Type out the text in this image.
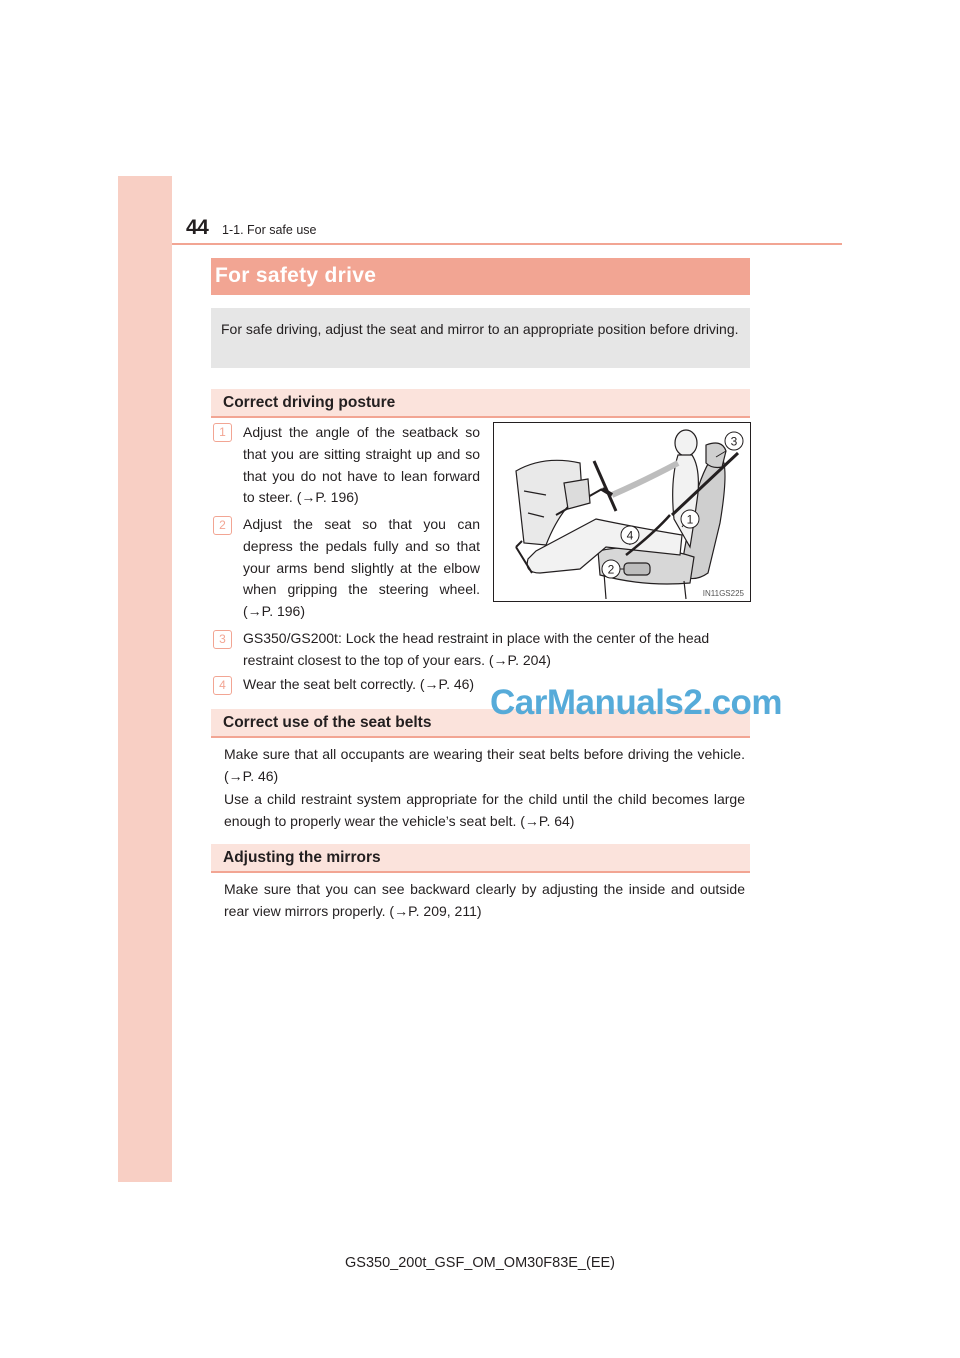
44 1-1. For safe use
For safety drive
For safe driving, adjust the seat and mirror to an appropriate position before driving.
Correct driving posture
1	Adjust the angle of the seatback so that you are sitting straight up and so that you do not have to lean forward to steer. (→P. 196)
2	Adjust the seat so that you can depress the pedals fully and so that your arms bend slightly at the elbow when gripping the steering wheel. (→P. 196)
3	GS350/GS200t: Lock the head restraint in place with the center of the head restraint closest to the top of your ears. (→P. 204)
4	Wear the seat belt correctly. (→P. 46)
3
1
4
2
IN11GS225
Correct use of the seat belts
Make sure that all occupants are wearing their seat belts before driving the vehicle. (→P. 46)
Use a child restraint system appropriate for the child until the child becomes large enough to properly wear the vehicle’s seat belt. (→P. 64)
Adjusting the mirrors
Make sure that you can see backward clearly by adjusting the inside and outside rear view mirrors properly. (→P. 209, 211)
CarManuals2.com
GS350_200t_GSF_OM_OM30F83E_(EE)
